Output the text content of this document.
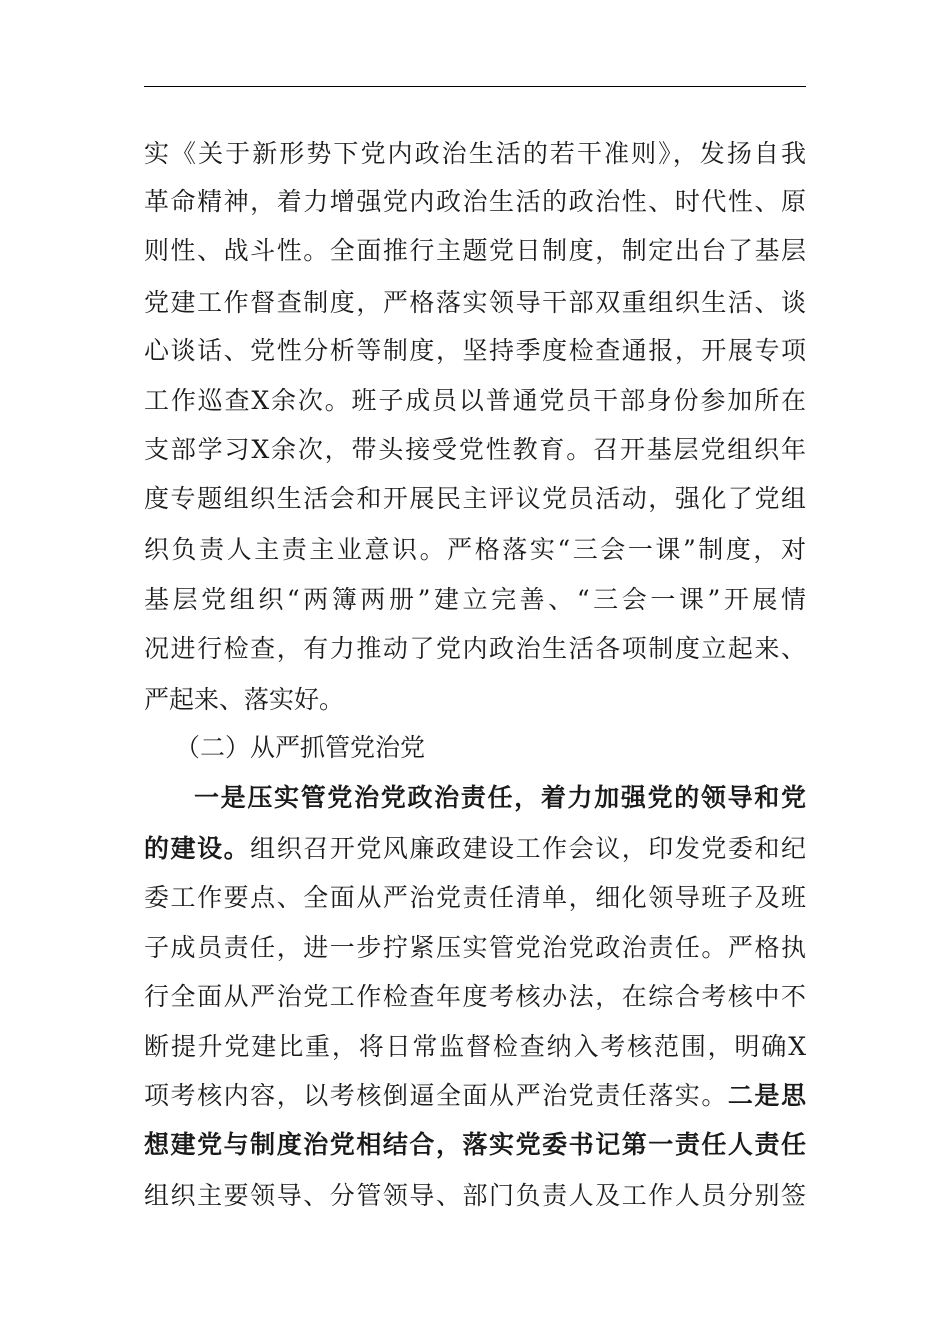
实《关于新形势下党内政治生活的若干准则》，发扬自我
革命精神，着力增强党内政治生活的政治性、时代性、原
则性、战斗性。全面推行主题党日制度，制定出台了基层
党建工作督查制度，严格落实领导干部双重组织生活、谈
心谈话、党性分析等制度，坚持季度检查通报，开展专项
工作巡查X余次。班子成员以普通党员干部身份参加所在
支部学习X余次，带头接受党性教育。召开基层党组织年
度专题组织生活会和开展民主评议党员活动，强化了党组
织负责人主责主业意识。严格落实“三会一课”制度，对
基层党组织“两簿两册”建立完善、“三会一课”开展情
况进行检查，有力推动了党内政治生活各项制度立起来、
严起来、落实好。
（二）从严抓管党治党
一是压实管党治党政治责任，着力加强党的领导和党
的建设。组织召开党风廉政建设工作会议，印发党委和纪
委工作要点、全面从严治党责任清单，细化领导班子及班
子成员责任，进一步拧紧压实管党治党政治责任。严格执
行全面从严治党工作检查年度考核办法，在综合考核中不
断提升党建比重，将日常监督检查纳入考核范围，明确X
项考核内容，以考核倒逼全面从严治党责任落实。二是思
想建党与制度治党相结合，落实党委书记第一责任人责任
组织主要领导、分管领导、部门负责人及工作人员分别签
